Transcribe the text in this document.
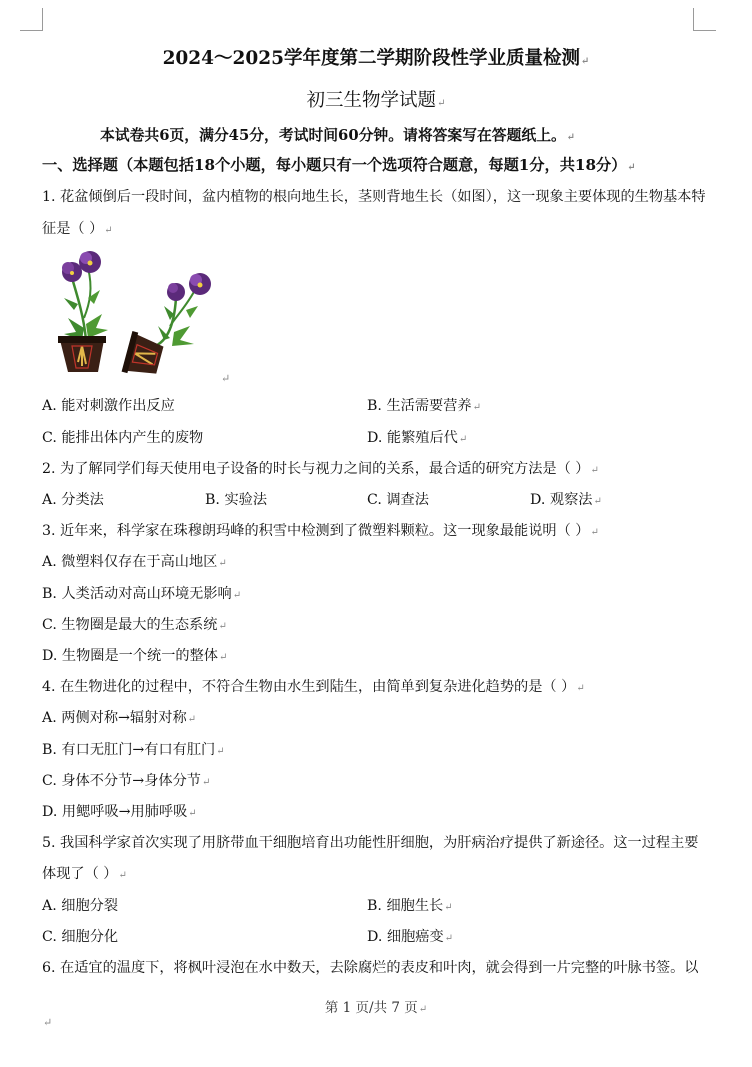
2024～2025学年度第二学期阶段性学业质量检测↵
初三生物学试题↵
本试卷共6页，满分45分，考试时间60分钟。请将答案写在答题纸上。↵
一、选择题（本题包括18个小题，每小题只有一个选项符合题意，每题1分，共18分）↵
1. 花盆倾倒后一段时间，盆内植物的根向地生长，茎则背地生长（如图），这一现象主要体现的生物基本特
征是（ ）↵
↵
A. 能对刺激作出反应	B. 生活需要营养↵
C. 能排出体内产生的废物	D. 能繁殖后代↵
2. 为了解同学们每天使用电子设备的时长与视力之间的关系，最合适的研究方法是（ ）↵
A. 分类法	B. 实验法	C. 调查法	D. 观察法↵
3. 近年来，科学家在珠穆朗玛峰的积雪中检测到了微塑料颗粒。这一现象最能说明（ ）↵
A. 微塑料仅存在于高山地区↵
B. 人类活动对高山环境无影响↵
C. 生物圈是最大的生态系统↵
D. 生物圈是一个统一的整体↵
4. 在生物进化的过程中，不符合生物由水生到陆生，由简单到复杂进化趋势的是（ ）↵
A. 两侧对称→辐射对称↵
B. 有口无肛门→有口有肛门↵
C. 身体不分节→身体分节↵
D. 用鳃呼吸→用肺呼吸↵
5. 我国科学家首次实现了用脐带血干细胞培育出功能性肝细胞，为肝病治疗提供了新途径。这一过程主要
体现了（ ）↵
A. 细胞分裂	B. 细胞生长↵
C. 细胞分化	D. 细胞癌变↵
6. 在适宜的温度下，将枫叶浸泡在水中数天，去除腐烂的表皮和叶肉，就会得到一片完整的叶脉书签。以
第 1 页/共 7 页↵
↵
